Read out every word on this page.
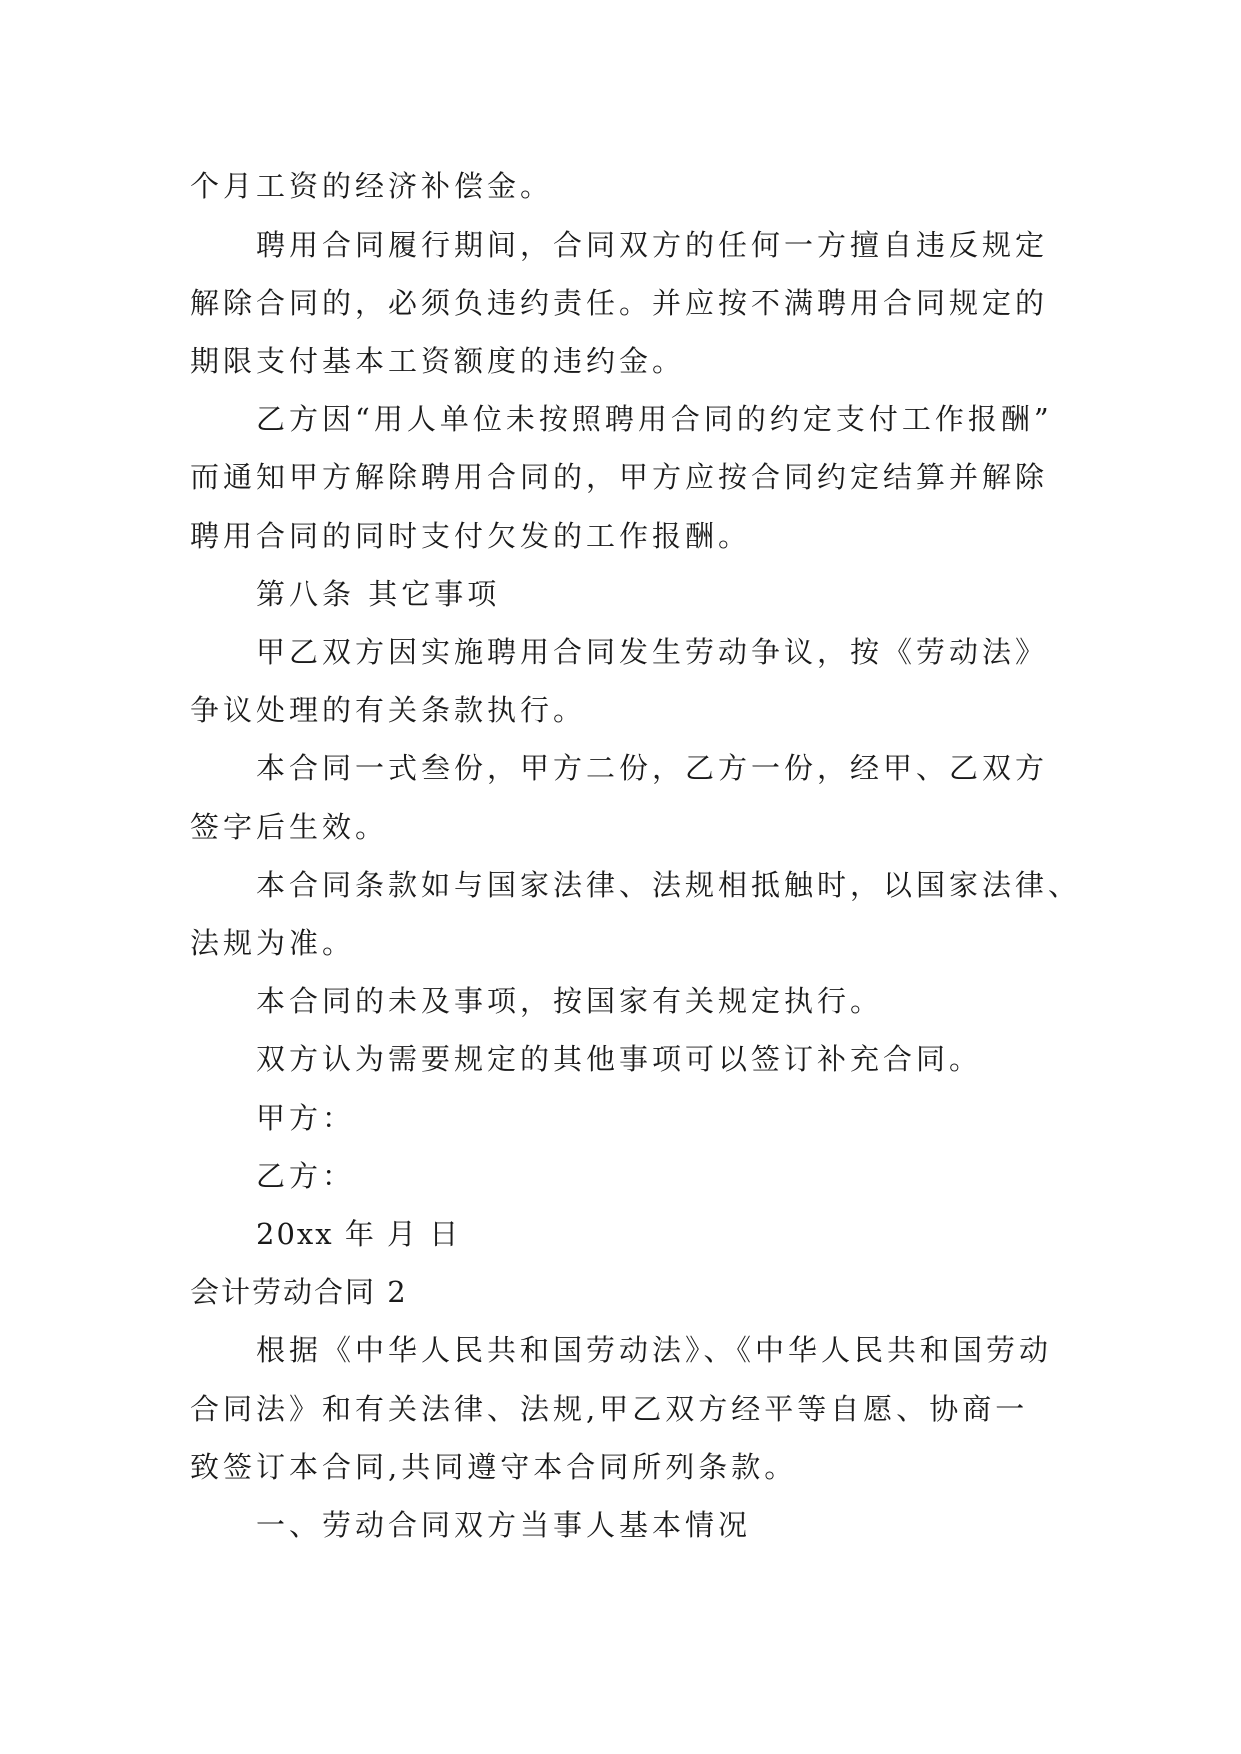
个月工资的经济补偿金。
聘用合同履行期间，合同双方的任何一方擅自违反规定
解除合同的，必须负违约责任。并应按不满聘用合同规定的
期限支付基本工资额度的违约金。
乙方因“用人单位未按照聘用合同的约定支付工作报酬”
而通知甲方解除聘用合同的，甲方应按合同约定结算并解除
聘用合同的同时支付欠发的工作报酬。
第八条 其它事项
甲乙双方因实施聘用合同发生劳动争议，按《劳动法》
争议处理的有关条款执行。
本合同一式叁份，甲方二份，乙方一份，经甲、乙双方
签字后生效。
本合同条款如与国家法律、法规相抵触时，以国家法律、
法规为准。
本合同的未及事项，按国家有关规定执行。
双方认为需要规定的其他事项可以签订补充合同。
甲方：
乙方：
20xx 年 月 日
会计劳动合同 2
根据《中华人民共和国劳动法》、《中华人民共和国劳动
合同法》和有关法律、法规,甲乙双方经平等自愿、协商一
致签订本合同,共同遵守本合同所列条款。
一、劳动合同双方当事人基本情况
